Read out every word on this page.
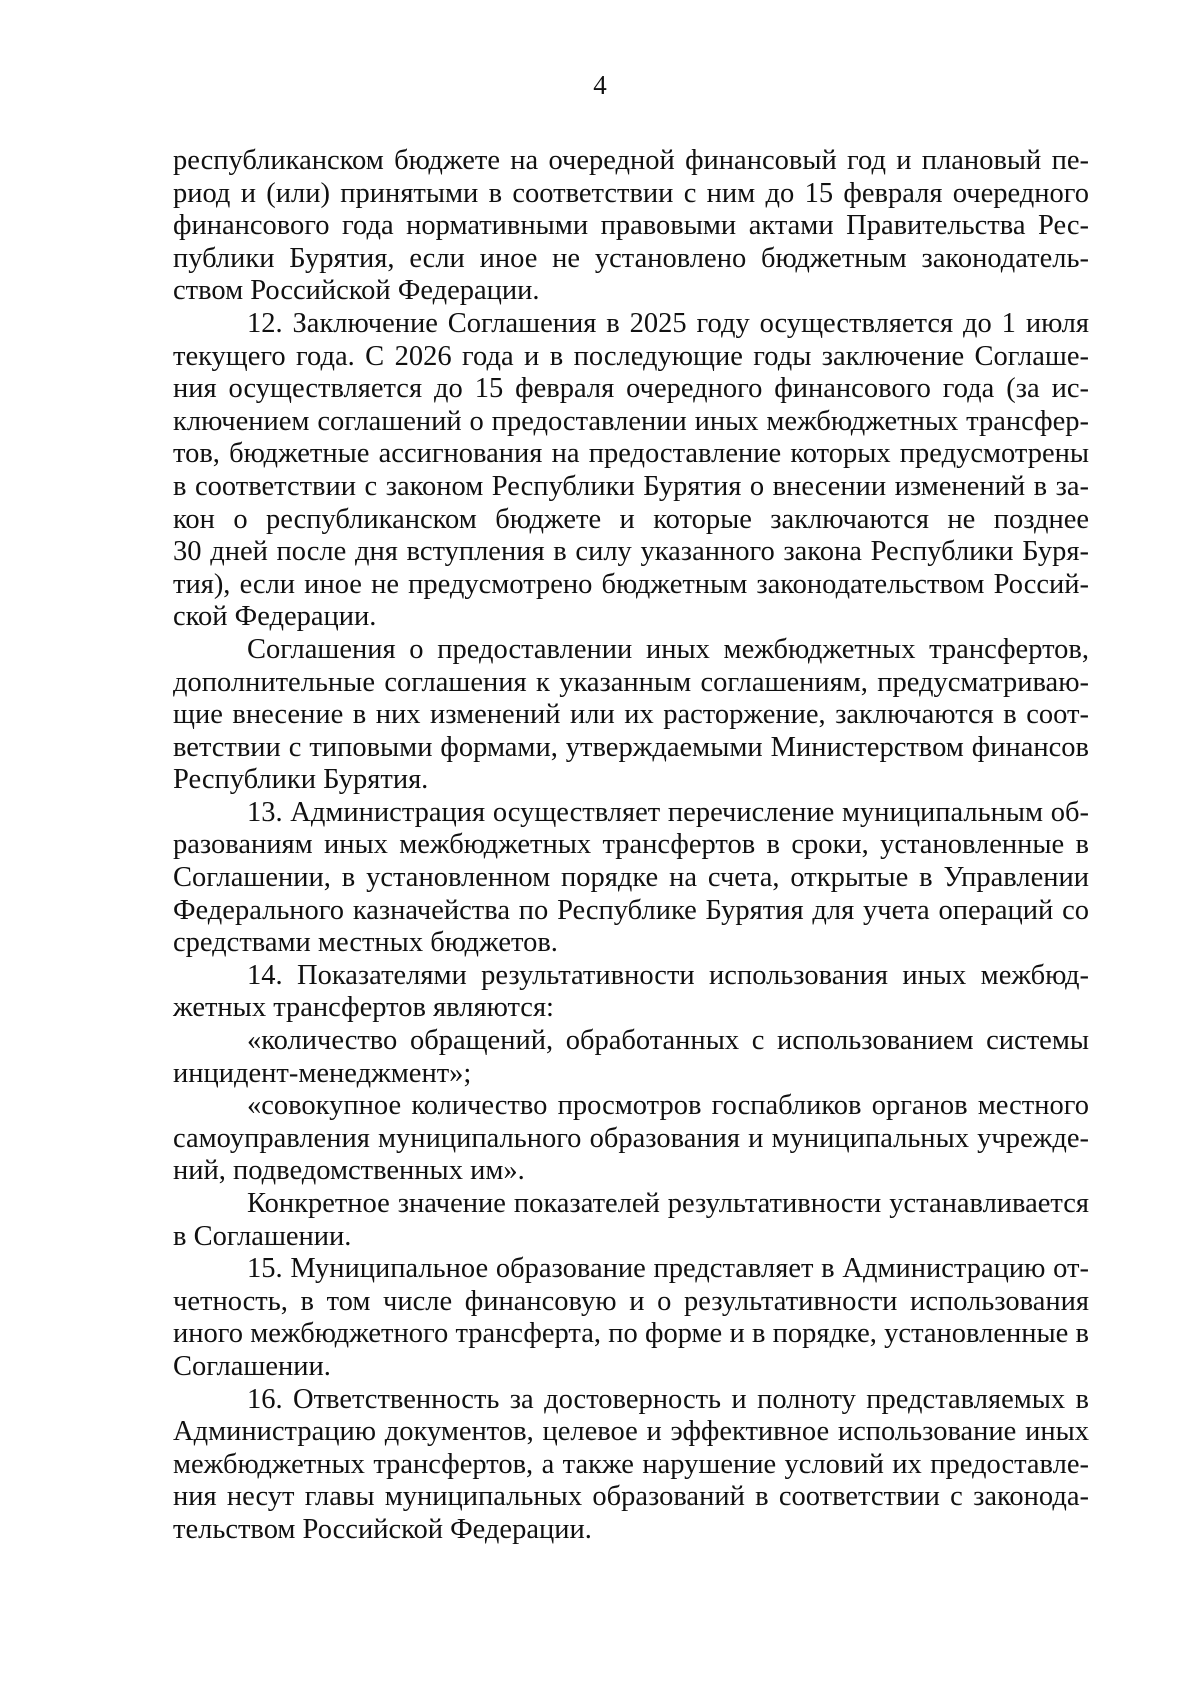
4
республиканском бюджете на очередной финансовый год и плановый пе-
риод и (или) принятыми в соответствии с ним до 15 февраля очередного
финансового года нормативными правовыми актами Правительства Рес-
публики Бурятия, если иное не установлено бюджетным законодатель-
ством Российской Федерации.
12. Заключение Соглашения в 2025 году осуществляется до 1 июля
текущего года. С 2026 года и в последующие годы заключение Соглаше-
ния осуществляется до 15 февраля очередного финансового года (за ис-
ключением соглашений о предоставлении иных межбюджетных трансфер-
тов, бюджетные ассигнования на предоставление которых предусмотрены
в соответствии с законом Республики Бурятия о внесении изменений в за-
кон о республиканском бюджете и которые заключаются не позднее
30 дней после дня вступления в силу указанного закона Республики Буря-
тия), если иное не предусмотрено бюджетным законодательством Россий-
ской Федерации.
Соглашения о предоставлении иных межбюджетных трансфертов,
дополнительные соглашения к указанным соглашениям, предусматриваю-
щие внесение в них изменений или их расторжение, заключаются в соот-
ветствии с типовыми формами, утверждаемыми Министерством финансов
Республики Бурятия.
13. Администрация осуществляет перечисление муниципальным об-
разованиям иных межбюджетных трансфертов в сроки, установленные в
Соглашении, в установленном порядке на счета, открытые в Управлении
Федерального казначейства по Республике Бурятия для учета операций со
средствами местных бюджетов.
14. Показателями результативности использования иных межбюд-
жетных трансфертов являются:
«количество обращений, обработанных с использованием системы
инцидент-менеджмент»;
«совокупное количество просмотров госпабликов органов местного
самоуправления муниципального образования и муниципальных учрежде-
ний, подведомственных им».
Конкретное значение показателей результативности устанавливается
в Соглашении.
15. Муниципальное образование представляет в Администрацию от-
четность, в том числе финансовую и о результативности использования
иного межбюджетного трансферта, по форме и в порядке, установленные в
Соглашении.
16. Ответственность за достоверность и полноту представляемых в
Администрацию документов, целевое и эффективное использование иных
межбюджетных трансфертов, а также нарушение условий их предоставле-
ния несут главы муниципальных образований в соответствии с законода-
тельством Российской Федерации.
